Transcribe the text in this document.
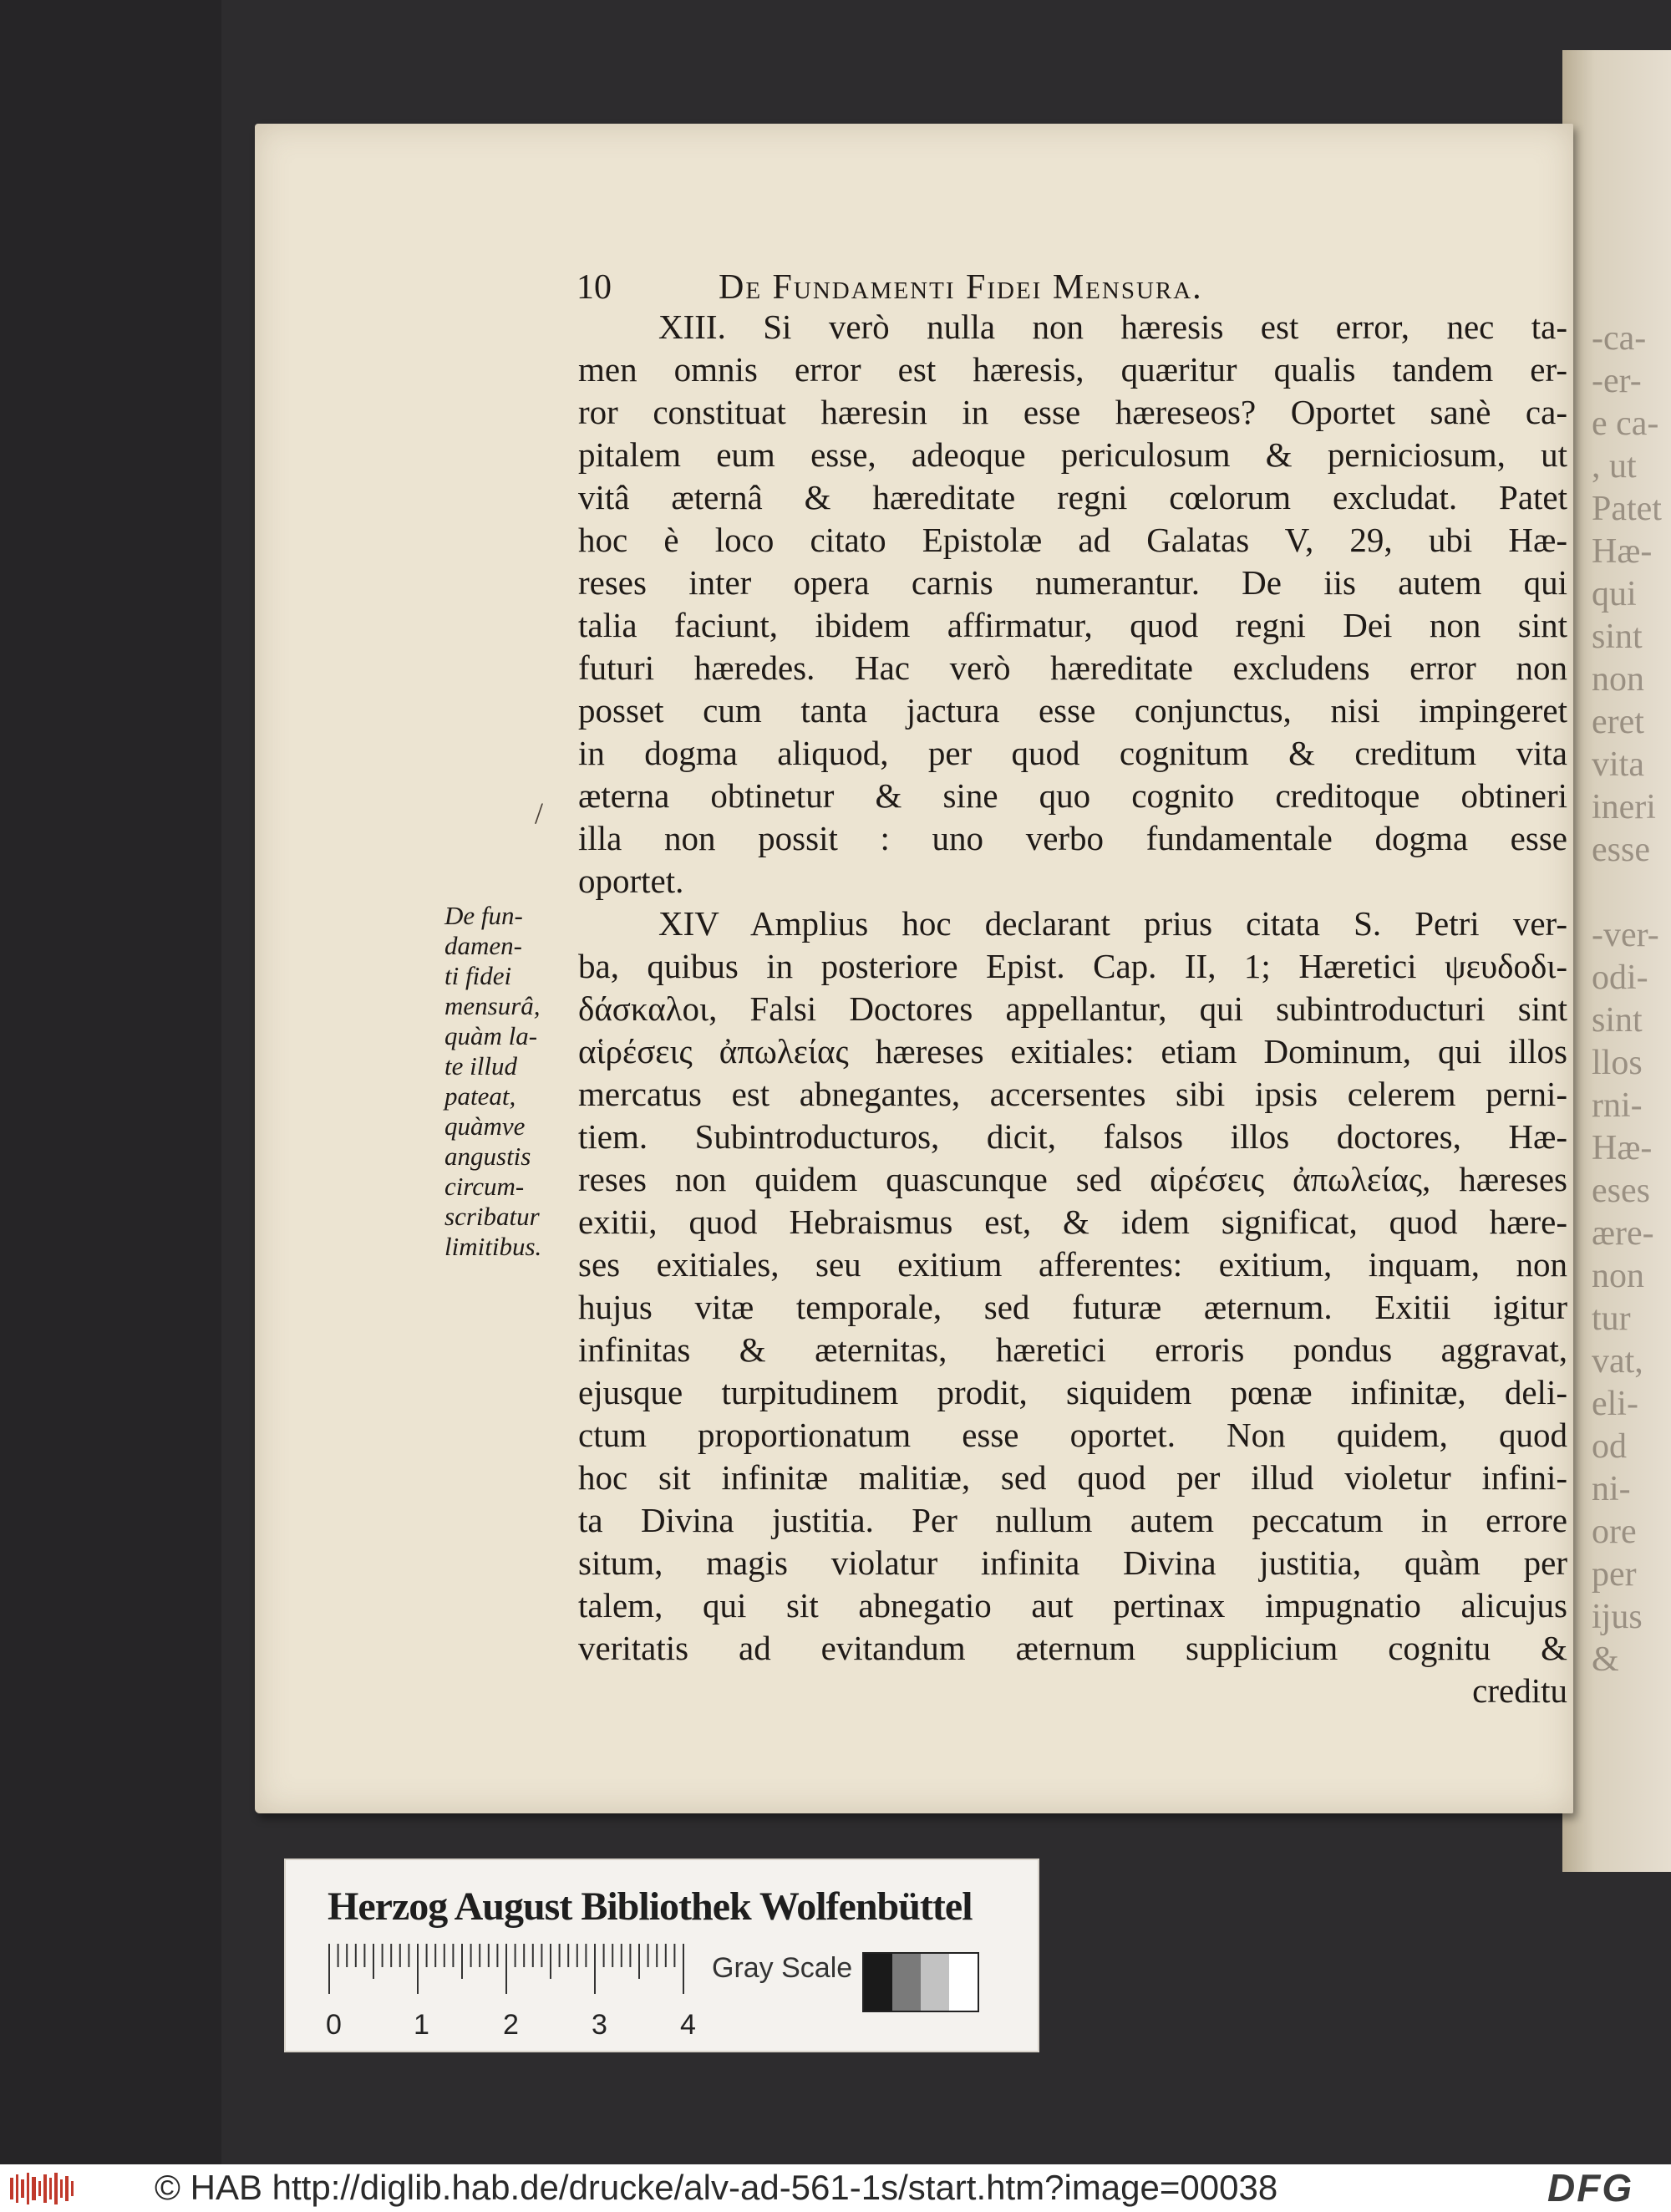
-ca-
-er-
e ca-
, ut
Patet
Hæ-
qui
sint
non
eret
vita
ineri
esse

-ver-
odi-
sint
llos
rni-
Hæ-
eses
ære-
non
tur
vat,
eli-
od
ni-
ore
per
ijus
&
10	De Fundamenti Fidei Mensura.
/
XIII. Si verò nulla non hæresis est error, nec ta-
men omnis error est hæresis, quæritur qualis tandem er-
ror constituat hæresin in esse hæreseos? Oportet sanè ca-
pitalem eum esse, adeoque periculosum & perniciosum, ut
vitâ æternâ & hæreditate regni cœlorum excludat. Patet
hoc è loco citato Epistolæ ad Galatas V, 29, ubi Hæ-
reses inter opera carnis numerantur. De iis autem qui
talia faciunt, ibidem affirmatur, quod regni Dei non sint
futuri hæredes. Hac verò hæreditate excludens error non
posset cum tanta jactura esse conjunctus, nisi impingeret
in dogma aliquod, per quod cognitum & creditum vita
æterna obtinetur & sine quo cognito creditoque obtineri
illa non possit : uno verbo fundamentale dogma esse
oportet.
XIV Amplius hoc declarant prius citata S. Petri ver-
ba, quibus in posteriore Epist. Cap. II, 1; Hæretici ψευδοδι-
δάσκαλοι, Falsi Doctores appellantur, qui subintroducturi sint
αἱρέσεις ἀπωλείας hæreses exitiales: etiam Dominum, qui illos
mercatus est abnegantes, accersentes sibi ipsis celerem perni-
tiem. Subintroducturos, dicit, falsos illos doctores, Hæ-
reses non quidem quascunque sed αἱρέσεις ἀπωλείας, hæreses
exitii, quod Hebraismus est, & idem significat, quod hære-
ses exitiales, seu exitium afferentes: exitium, inquam, non
hujus vitæ temporale, sed futuræ æternum. Exitii igitur
infinitas & æternitas, hæretici erroris pondus aggravat,
ejusque turpitudinem prodit, siquidem pœnæ infinitæ, deli-
ctum proportionatum esse oportet. Non quidem, quod
hoc sit infinitæ malitiæ, sed quod per illud violetur infini-
ta Divina justitia. Per nullum autem peccatum in errore
situm, magis violatur infinita Divina justitia, quàm per
talem, qui sit abnegatio aut pertinax impugnatio alicujus
veritatis ad evitandum æternum supplicium cognitu &
creditu
De fun-
damen-
ti fidei
mensurâ,
quàm la-
te illud
pateat,
quàmve
angustis
circum-
scribatur
limitibus.
Herzog August Bibliothek Wolfenbüttel
0	1	2	3	4
Gray Scale
© HAB http://diglib.hab.de/drucke/alv-ad-561-1s/start.htm?image=00038	DFG
